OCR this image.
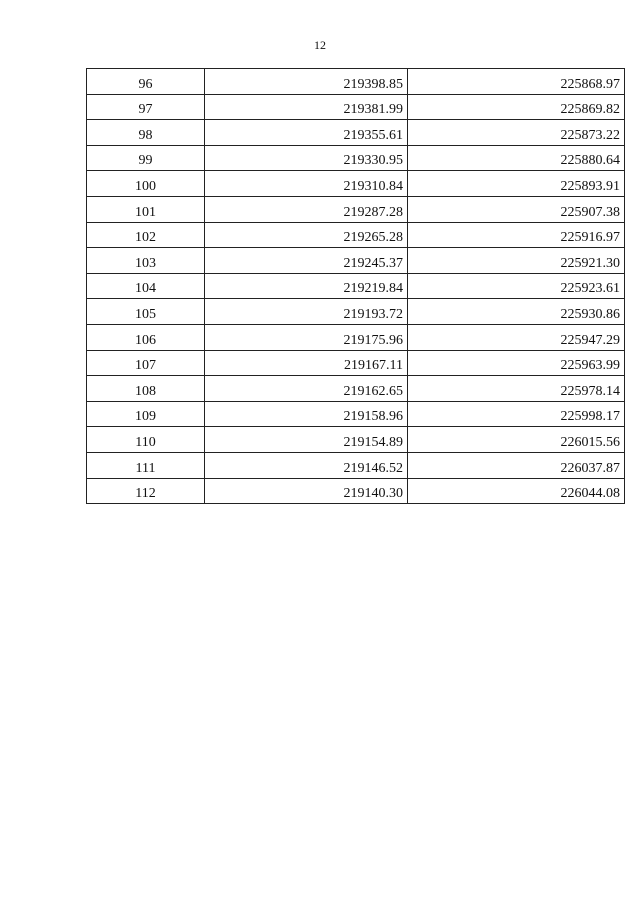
12
96	219398.85	225868.97
97	219381.99	225869.82
98	219355.61	225873.22
99	219330.95	225880.64
100	219310.84	225893.91
101	219287.28	225907.38
102	219265.28	225916.97
103	219245.37	225921.30
104	219219.84	225923.61
105	219193.72	225930.86
106	219175.96	225947.29
107	219167.11	225963.99
108	219162.65	225978.14
109	219158.96	225998.17
110	219154.89	226015.56
111	219146.52	226037.87
112	219140.30	226044.08
